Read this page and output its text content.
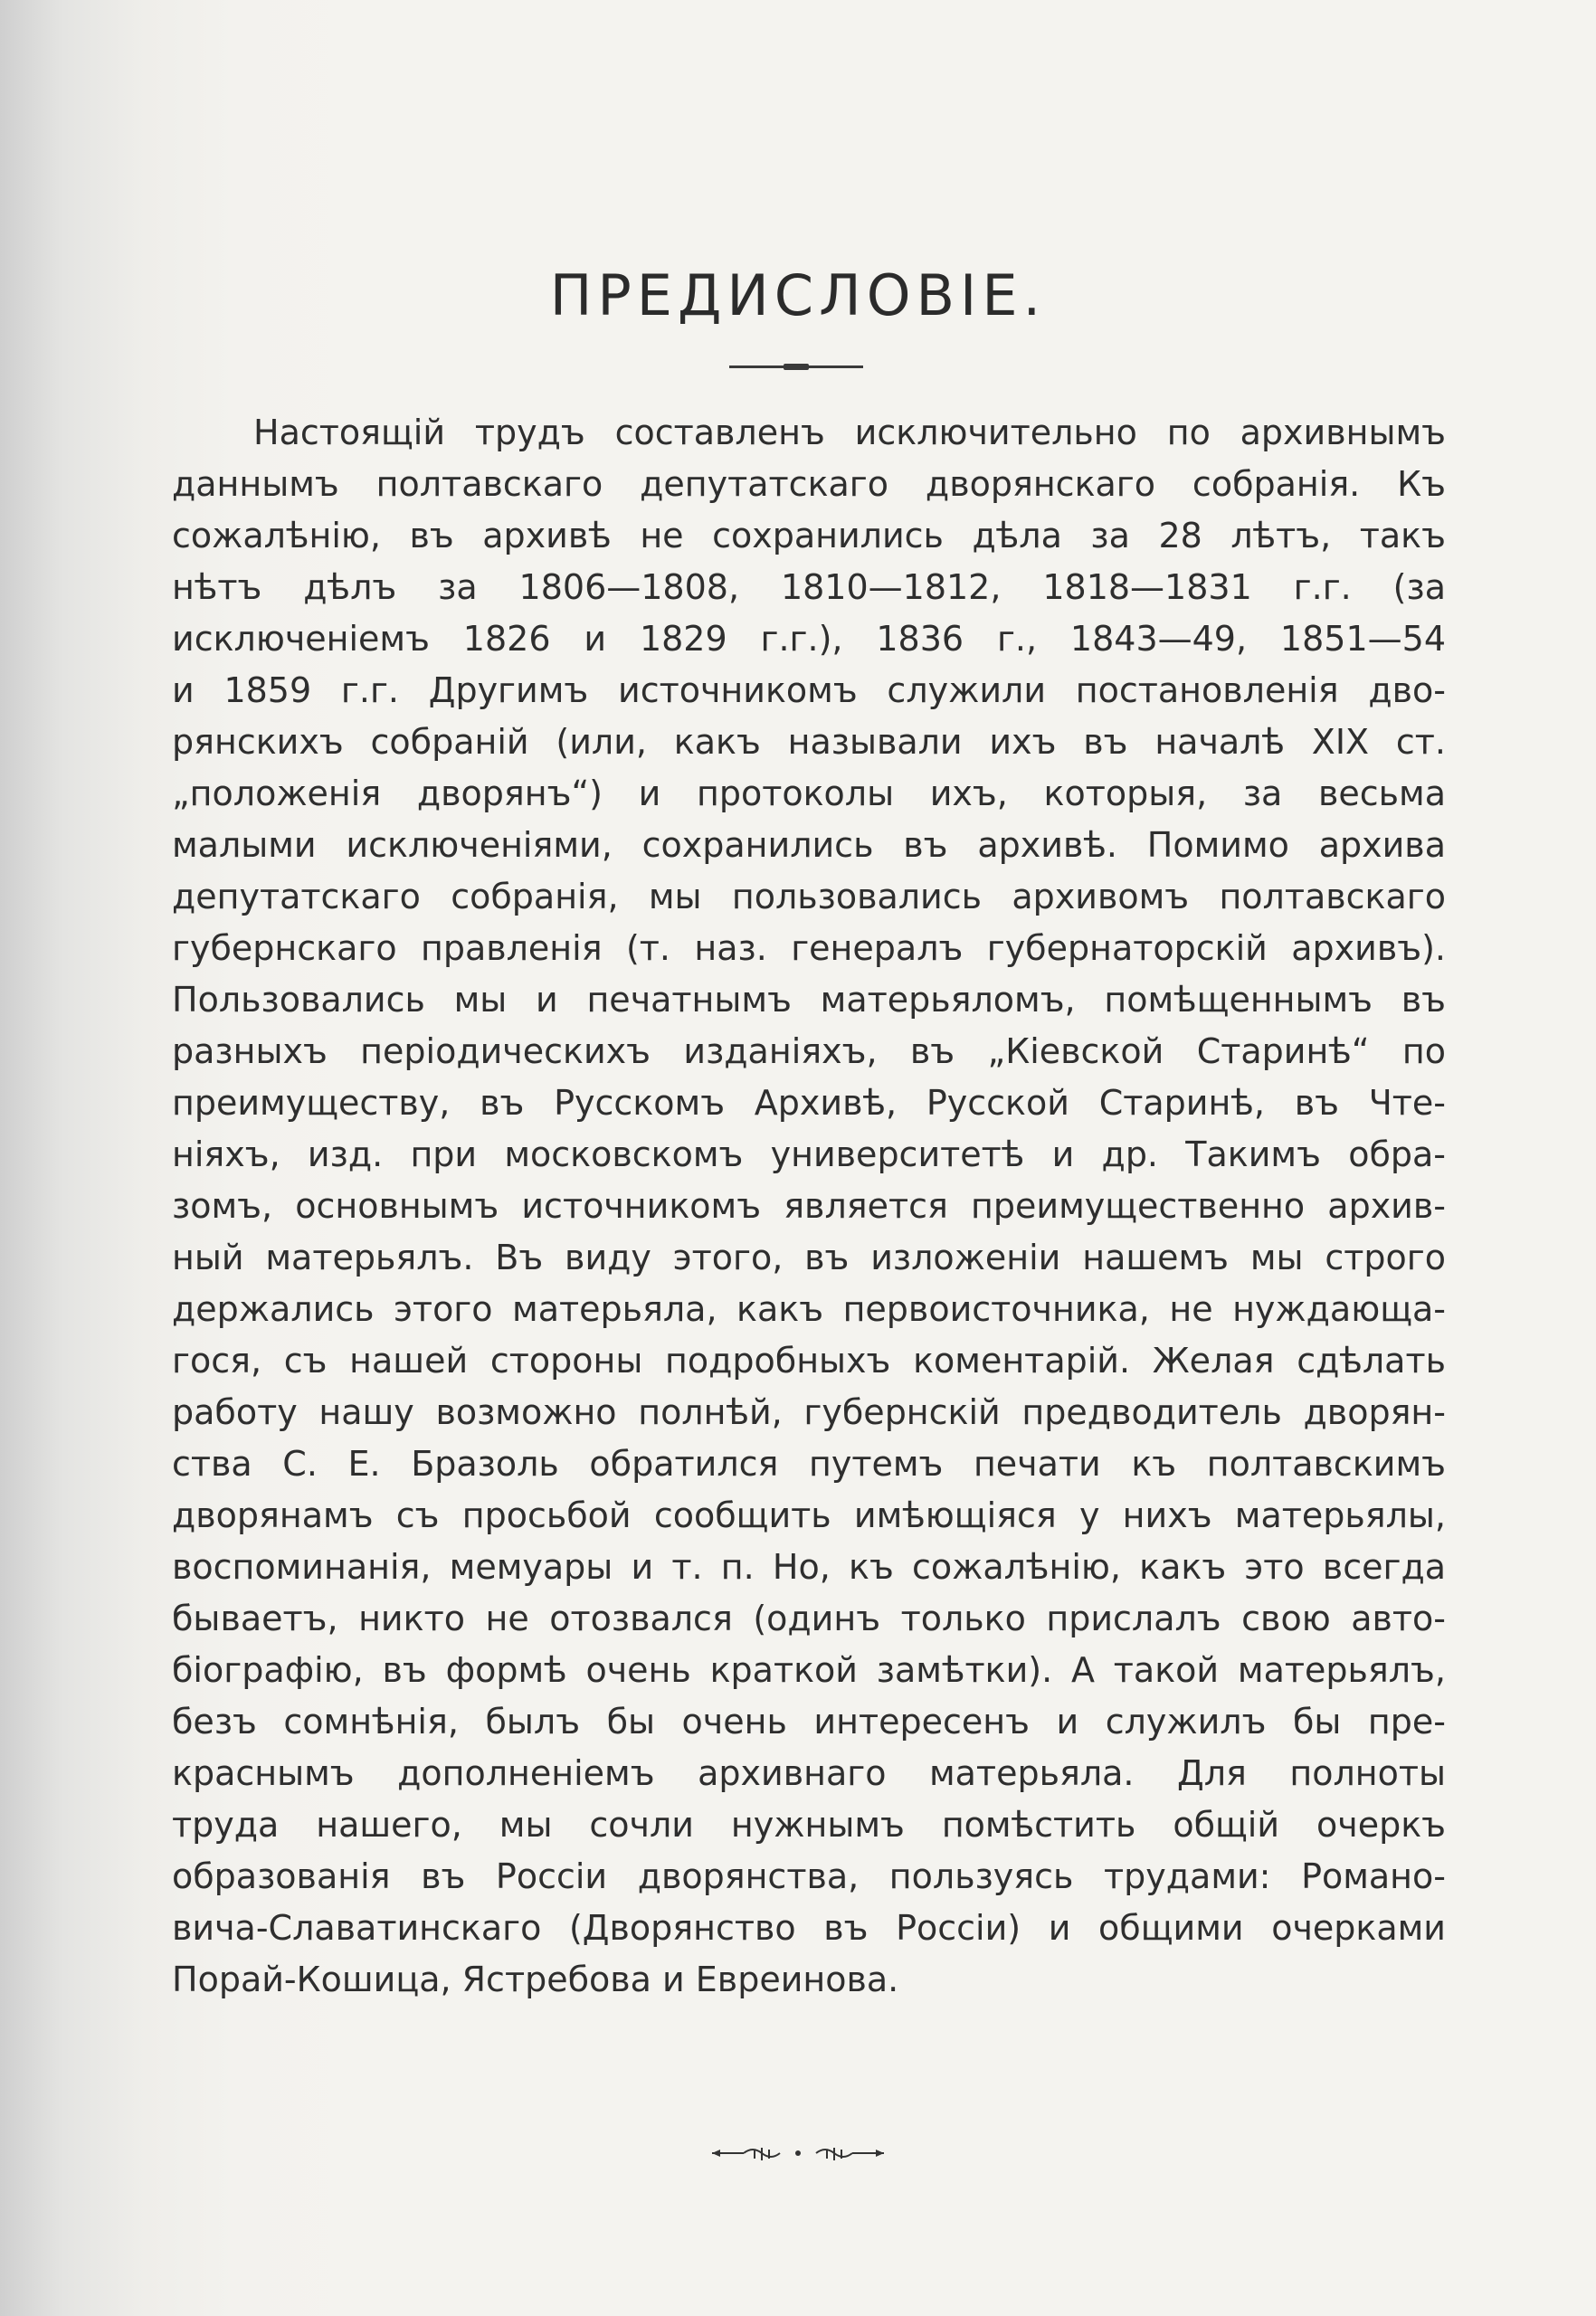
ПРЕДИСЛОВІЕ.
Настоящій трудъ составленъ исключительно по архивнымъ
даннымъ полтавскаго депутатскаго дворянскаго собранія. Къ
сожалѣнію, въ архивѣ не сохранились дѣла за 28 лѣтъ, такъ
нѣтъ дѣлъ за 1806—1808, 1810—1812, 1818—1831 г.г. (за
исключеніемъ 1826 и 1829 г.г.), 1836 г., 1843—49, 1851—54
и 1859 г.г. Другимъ источникомъ служили постановленія дво-
рянскихъ собраній (или, какъ называли ихъ въ началѣ XIX ст.
„положенія дворянъ“) и протоколы ихъ, которыя, за весьма
малыми исключеніями, сохранились въ архивѣ. Помимо архива
депутатскаго собранія, мы пользовались архивомъ полтавскаго
губернскаго правленія (т. наз. генералъ губернаторскій архивъ).
Пользовались мы и печатнымъ матерьяломъ, помѣщеннымъ въ
разныхъ періодическихъ изданіяхъ, въ „Кіевской Старинѣ“ по
преимуществу, въ Русскомъ Архивѣ, Русской Старинѣ, въ Чте-
ніяхъ, изд. при московскомъ университетѣ и др. Такимъ обра-
зомъ, основнымъ источникомъ является преимущественно архив-
ный матерьялъ. Въ виду этого, въ изложеніи нашемъ мы строго
держались этого матерьяла, какъ первоисточника, не нуждающа-
гося, съ нашей стороны подробныхъ коментарій. Желая сдѣлать
работу нашу возможно полнѣй, губернскій предводитель дворян-
ства С. Е. Бразоль обратился путемъ печати къ полтавскимъ
дворянамъ съ просьбой сообщить имѣющіяся у нихъ матерьялы,
воспоминанія, мемуары и т. п. Но, къ сожалѣнію, какъ это всегда
бываетъ, никто не отозвался (одинъ только прислалъ свою авто-
біографію, въ формѣ очень краткой замѣтки). А такой матерьялъ,
безъ сомнѣнія, былъ бы очень интересенъ и служилъ бы пре-
краснымъ дополненіемъ архивнаго матерьяла. Для полноты
труда нашего, мы сочли нужнымъ помѣстить общій очеркъ
образованія въ Россіи дворянства, пользуясь трудами: Романо-
вича-Славатинскаго (Дворянство въ Россіи) и общими очерками
Порай-Кошица, Ястребова и Евреинова.
